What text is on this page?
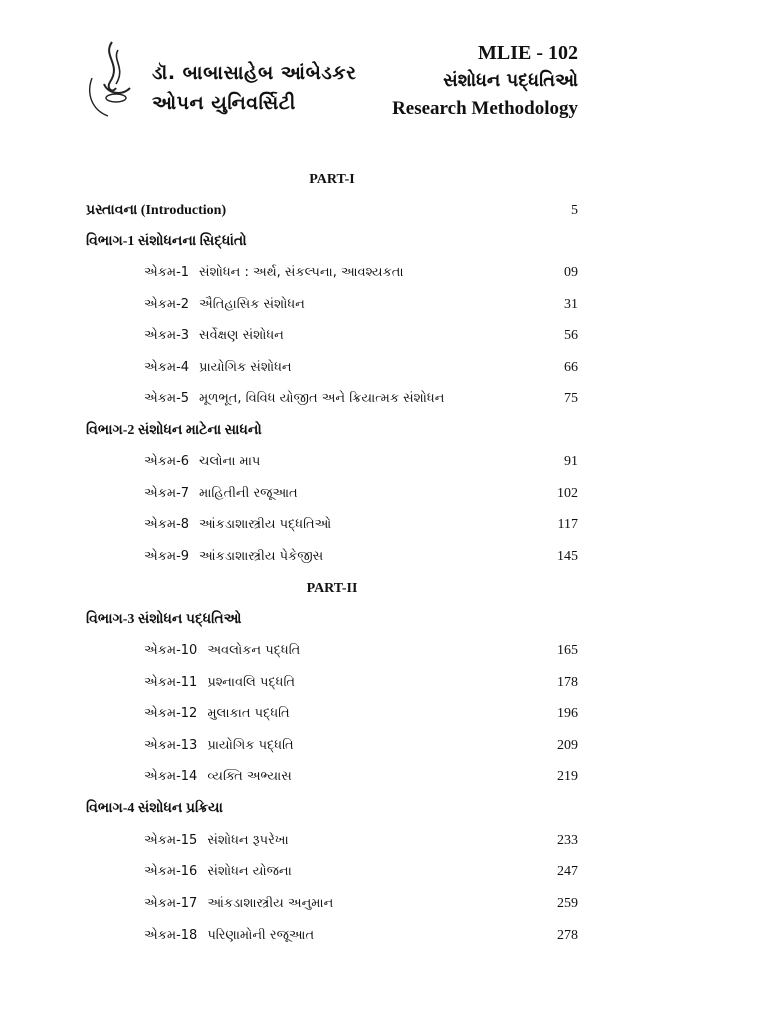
ડૉ. બાબાસાહેબ આંબેડકર
ઓપન યુનિવર્સિટી
MLIE - 102
સંશોધન પદ્ધતિઓ
Research Methodology
PART-I
પ્રસ્તાવના (Introduction)	5
વિભાગ-1 સંશોધનના સિદ્ધાંતો
એકમ-1 સંશોધન : અર્થ, સંકલ્પના, આવશ્યકતા	09
એકમ-2 ઐતિહાસિક સંશોધન	31
એકમ-3 સર્વેક્ષણ સંશોધન	56
એકમ-4 પ્રાયોગિક સંશોધન	66
એકમ-5 મૂળભૂત, વિવિધ યોજીત અને ક્રિયાત્મક સંશોધન	75
વિભાગ-2 સંશોધન માટેના સાધનો
એકમ-6 ચલોના માપ	91
એકમ-7 માહિતીની રજૂઆત	102
એકમ-8 આંકડાશાસ્ત્રીય પદ્ધતિઓ	117
એકમ-9 આંકડાશાસ્ત્રીય પેકેજીસ	145
PART-II
વિભાગ-3 સંશોધન પદ્ધતિઓ
એકમ-10 અવલોકન પદ્ધતિ	165
એકમ-11 પ્રશ્નાવલિ પદ્ધતિ	178
એકમ-12 મુલાકાત પદ્ધતિ	196
એકમ-13 પ્રાયોગિક પદ્ધતિ	209
એકમ-14 વ્યક્તિ અભ્યાસ	219
વિભાગ-4 સંશોધન પ્રક્રિયા
એકમ-15 સંશોધન રૂપરેખા	233
એકમ-16 સંશોધન યોજના	247
એકમ-17 આંકડાશાસ્ત્રીય અનુમાન	259
એકમ-18 પરિણામોની રજૂઆત	278
